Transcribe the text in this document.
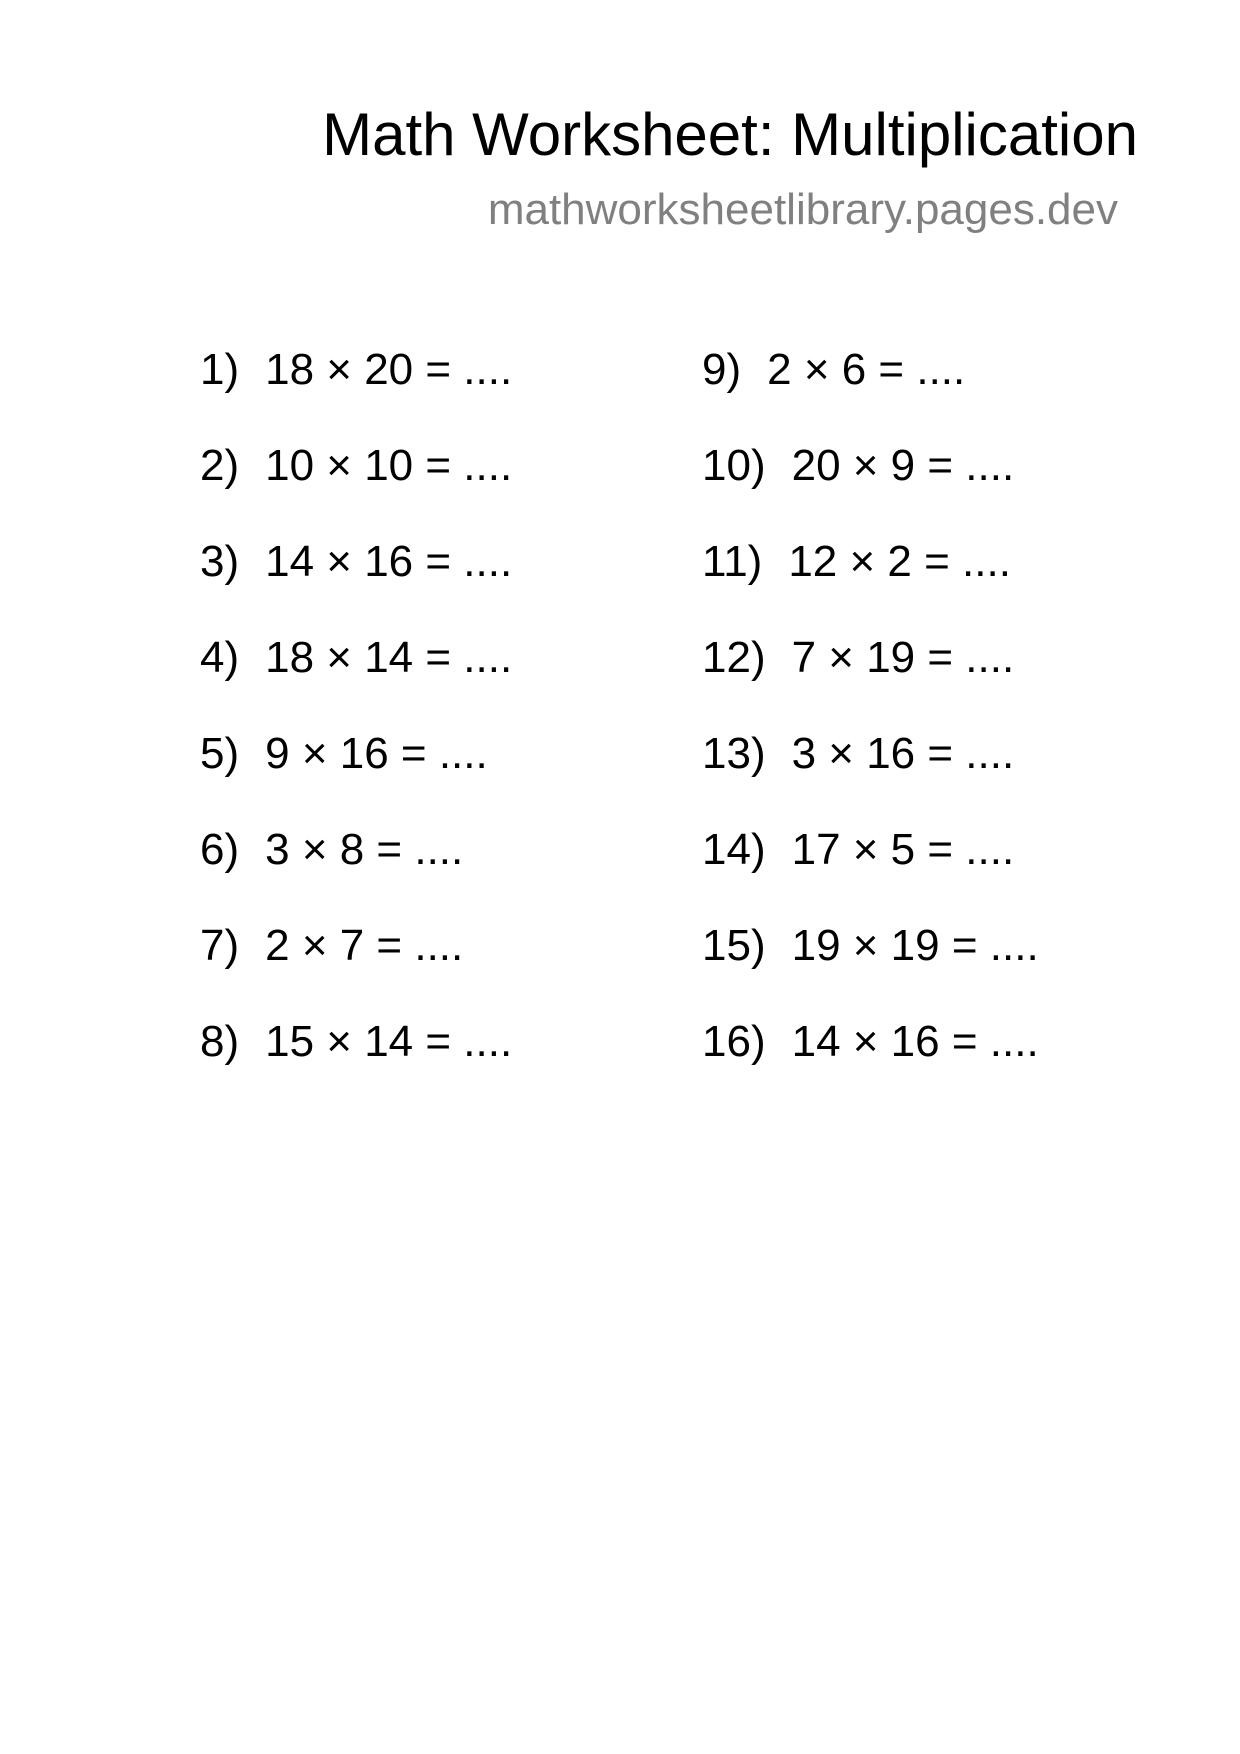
Math Worksheet: Multiplication
mathworksheetlibrary.pages.dev
1) 18 × 20 = ....
2) 10 × 10 = ....
3) 14 × 16 = ....
4) 18 × 14 = ....
5) 9 × 16 = ....
6) 3 × 8 = ....
7) 2 × 7 = ....
8) 15 × 14 = ....
9) 2 × 6 = ....
10) 20 × 9 = ....
11) 12 × 2 = ....
12) 7 × 19 = ....
13) 3 × 16 = ....
14) 17 × 5 = ....
15) 19 × 19 = ....
16) 14 × 16 = ....
